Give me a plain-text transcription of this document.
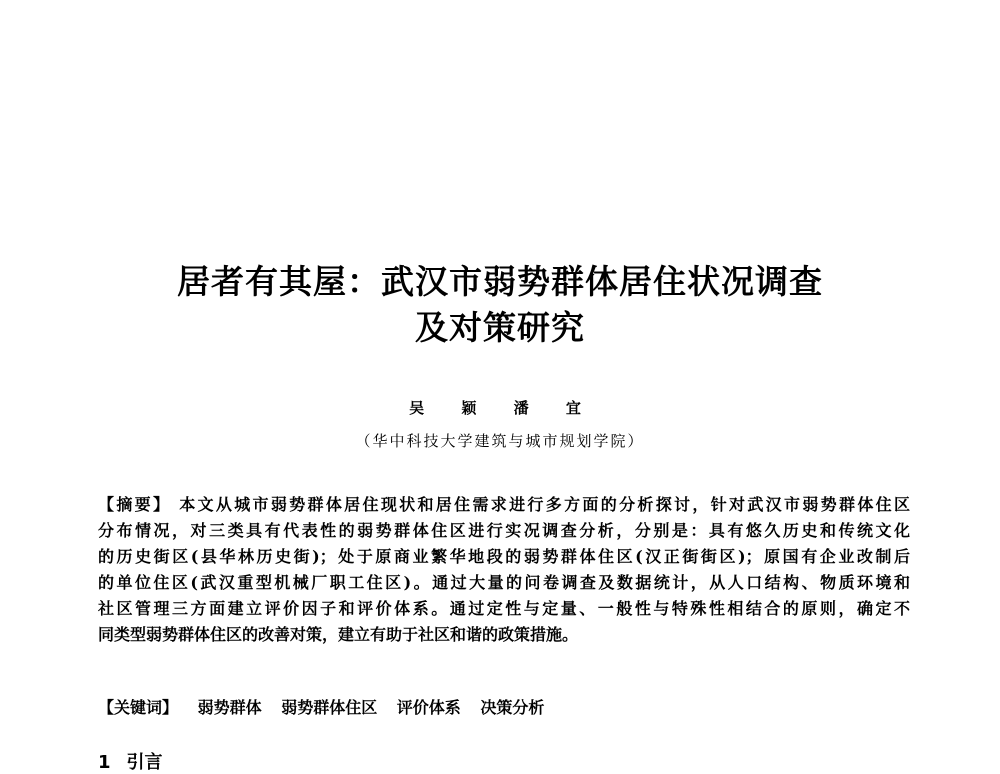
居者有其屋：武汉市弱势群体居住状况调查
及对策研究
吴 颖 潘 宜
（华中科技大学建筑与城市规划学院）
【摘要】 本文从城市弱势群体居住现状和居住需求进行多方面的分析探讨，针对武汉市弱势群体住区
分布情况，对三类具有代表性的弱势群体住区进行实况调查分析，分别是：具有悠久历史和传统文化
的历史街区(县华林历史街)；处于原商业繁华地段的弱势群体住区(汉正街街区)；原国有企业改制后
的单位住区(武汉重型机械厂职工住区)。通过大量的问卷调查及数据统计，从人口结构、物质环境和
社区管理三方面建立评价因子和评价体系。通过定性与定量、一般性与特殊性相结合的原则，确定不
同类型弱势群体住区的改善对策，建立有助于社区和谐的政策措施。
【关键词】 弱势群体 弱势群体住区 评价体系 决策分析
1 引言
